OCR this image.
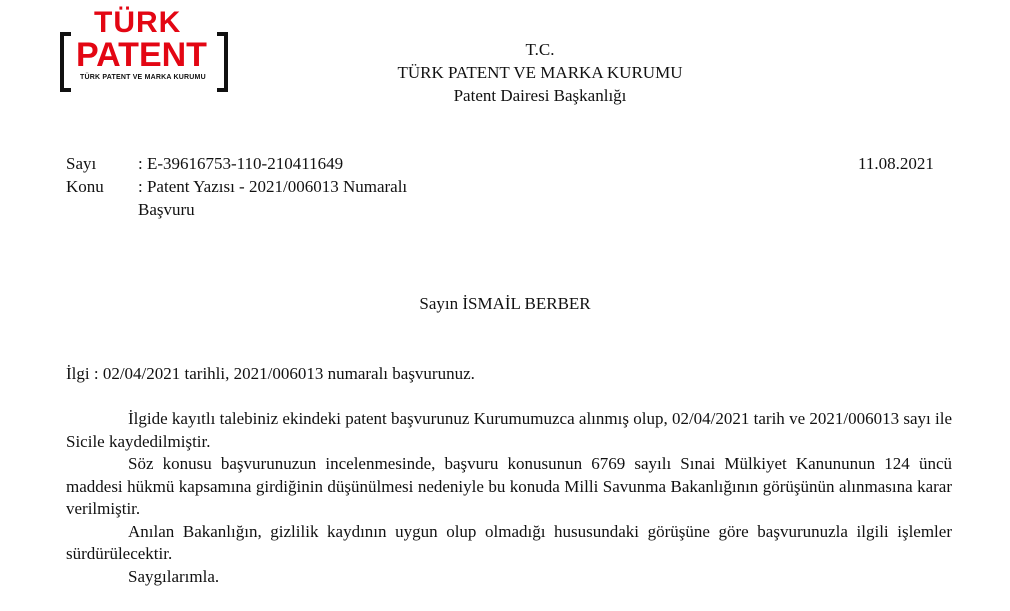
TÜRK
PATENT
TÜRK PATENT VE MARKA KURUMU
T.C.
TÜRK PATENT VE MARKA KURUMU
Patent Dairesi Başkanlığı
Sayı : E-39616753-110-210411649
Konu : Patent Yazısı - 2021/006013 Numaralı
Başvuru
11.08.2021
Sayın İSMAİL BERBER
İlgi : 02/04/2021 tarihli, 2021/006013 numaralı başvurunuz.

İlgide kayıtlı talebiniz ekindeki patent başvurunuz Kurumumuzca alınmış olup, 02/04/2021 tarih ve 2021/006013 sayı ile Sicile kaydedilmiştir.

Söz konusu başvurunuzun incelenmesinde, başvuru konusunun 6769 sayılı Sınai Mülkiyet Kanununun 124 üncü maddesi hükmü kapsamına girdiğinin düşünülmesi nedeniyle bu konuda Milli Savunma Bakanlığının görüşünün alınmasına karar verilmiştir.

Anılan Bakanlığın, gizlilik kaydının uygun olup olmadığı hususundaki görüşüne göre başvurunuzla ilgili işlemler sürdürülecektir.

Saygılarımla.
